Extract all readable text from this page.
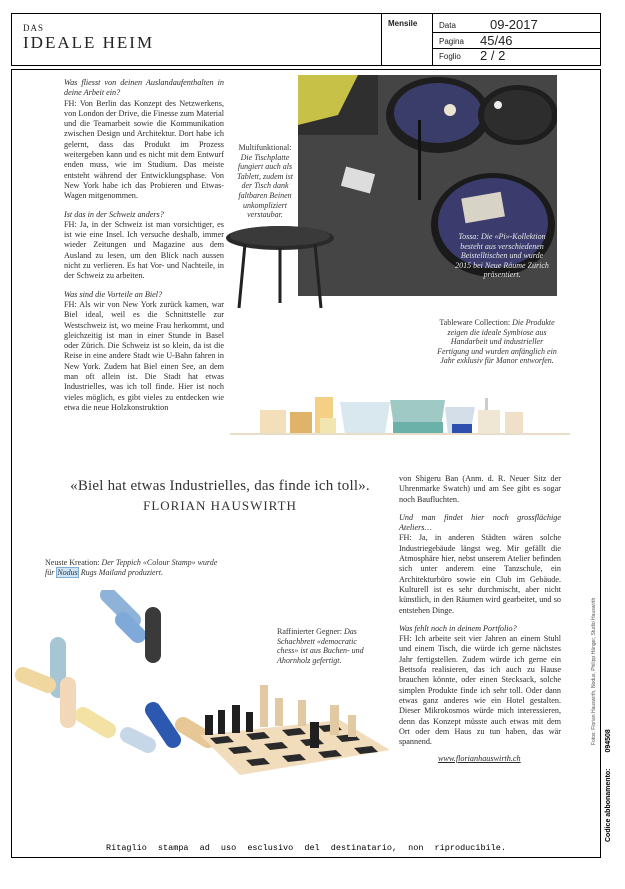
DAS
IDEALE HEIM
Mensile	Data	09-2017
Pagina 45/46
Foglio 2 / 2

Was fliesst von deinen Auslandaufenthalten in deine Arbeit ein?

FH: Von Berlin das Konzept des Netzwerkens, von London der Drive, die Finesse zum Material und die Teamarbeit sowie die Kommunikation zwischen Design und Architektur. Dort habe ich gelernt, dass das Produkt im Prozess weitergeben kann und es nicht mit dem Entwurf enden muss, wie im Studium. Das meiste entsteht während der Entwicklungsphase. Von New York habe ich das Probieren und Etwas-Wagen mitgenommen.

Ist das in der Schweiz anders?

FH: Ja, in der Schweiz ist man vorsichtiger, es ist wie eine Insel. Ich versuche deshalb, immer wieder Zeitungen und Magazine aus dem Ausland zu lesen, um den Blick nach aussen nicht zu verlieren. Es hat Vor- und Nachteile, in der Schweiz zu arbeiten.

Was sind die Vorteile an Biel?

FH: Als wir von New York zurück kamen, war Biel ideal, weil es die Schnittstelle zur Westschweiz ist, wo meine Frau herkommt, und gleichzeitig ist man in einer Stunde in Basel oder Zürich. Die Schweiz ist so klein, da ist die Reise in eine andere Stadt wie U-Bahn fahren in New York. Zudem hat Biel einen See, an dem man oft allein ist. Die Stadt hat etwas Industrielles, was ich toll finde. Hier ist noch vieles möglich, es gibt vieles zu entdecken wie etwa die neue Holzkonstruktion

Multifunktional: Die Tischplatte fungiert auch als Tablett, zudem ist der Tisch dank faltbaren Beinen unkompliziert verstaubar.
Tossa: Die «Pi»-Kollektion besteht aus verschiedenen Beistelltischen und wurde 2015 bei Neue Räume Zürich präsentiert.
Tableware Collection: Die Produkte zeigen die ideale Symbiose aus Handarbeit und industrieller Fertigung und wurden anfänglich ein Jahr exklusiv für Manor entworfen.
«Biel hat etwas Industrielles, das finde ich toll». FLORIAN HAUSWIRTH

von Shigeru Ban (Anm. d. R. Neuer Sitz der Uhrenmarke Swatch) und am See gibt es sogar noch Baufluchten.

Und man findet hier noch grossflächige Ateliers…

FH: Ja, in anderen Städten wären solche Industriegebäude längst weg. Mir gefällt die Atmosphäre hier, nebst unserem Atelier befinden sich unter anderem eine Tanzschule, ein Architekturbüro sowie ein Club im Gebäude. Kulturell ist es sehr durchmischt, aber nicht künstlich, in den Räumen wird gearbeitet, und so entstehen Dinge.

Was fehlt noch in deinem Portfolio?

FH: Ich arbeite seit vier Jahren an einem Stuhl und einem Tisch, die würde ich gerne nächstes Jahr fertigstellen. Zudem würde ich gerne ein Bettsofa realisieren, das ich auch zu Hause brauchen könnte, oder einen Stecksack, solche simplen Produkte finde ich sehr toll. Oder dann etwas ganz anderes wie ein Hotel gestalten. Dieser Mikrokosmos würde mich interessieren, denn das Konzept müsste auch etwas mit dem Ort oder dem Haus zu tun haben, das wär spannend.

www.florianhauswirth.ch
Neuste Kreation: Der Teppich «Colour Stamp» wurde für Nodus Rugs Mailand produziert.
Raffinierter Gegner: Das Schachbrett «democratic chess» ist aus Buchen- und Ahornholz gefertigt.	Fotos: Florian Hauswirth, Nodus, Philipp Hänger, Studio Hauswirth
Codice abbonamento: 094508
Ritaglio stampa ad uso esclusivo del destinatario, non riproducibile.
